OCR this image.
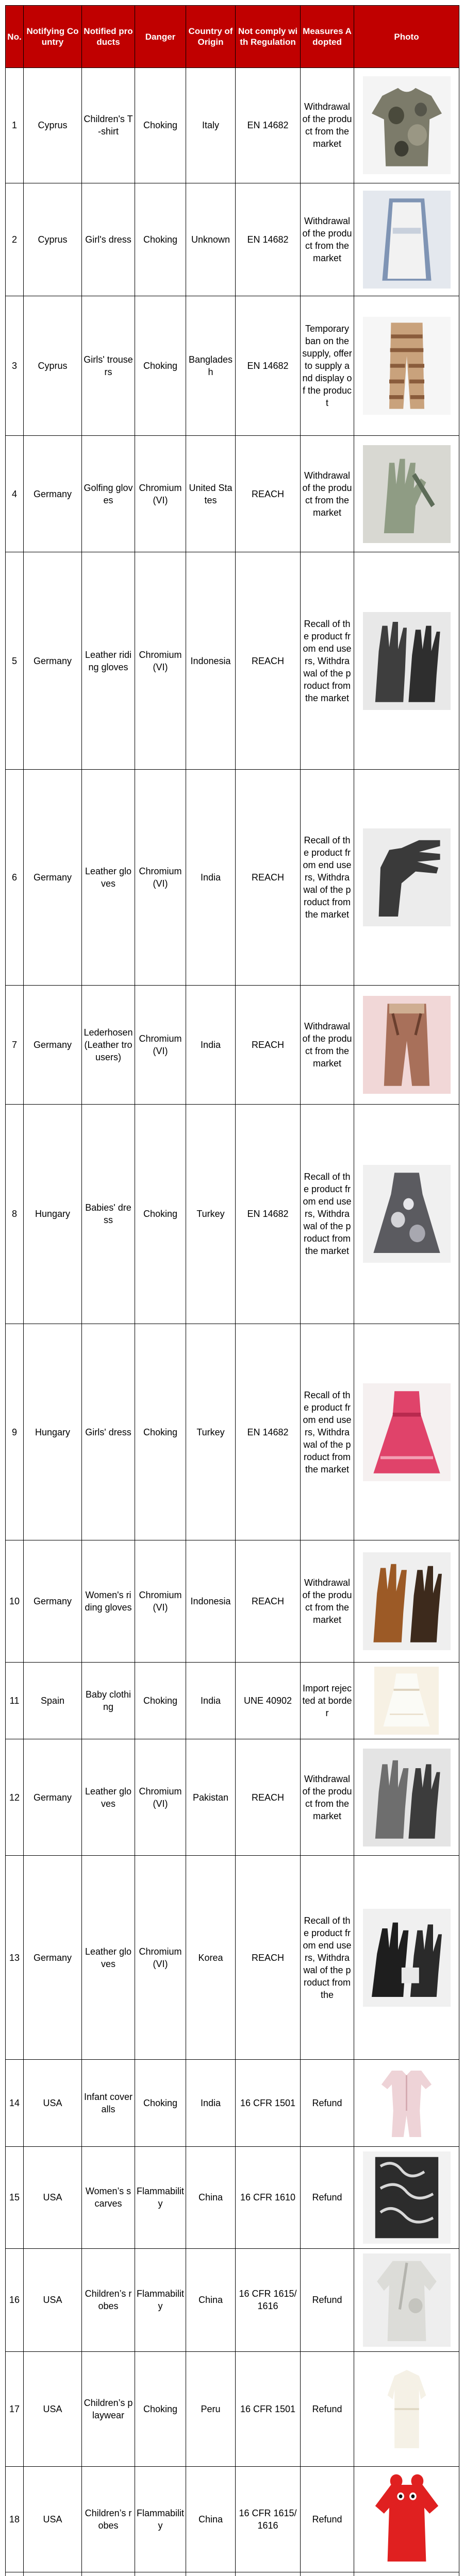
No.	Notifying Country	Notified products	Danger	Country of Origin	Not comply with Regulation	Measures Adopted	Photo
1	Cyprus	Children's T-shirt	Choking	Italy	EN 14682	Withdrawal of the product from the market	

2	Cyprus	Girl's dress	Choking	Unknown	EN 14682	Withdrawal of the product from the market	

3	Cyprus	Girls' trousers	Choking	Bangladesh	EN 14682	Temporary ban on the supply, offer to supply and display of the product	

4	Germany	Golfing gloves	Chromium (VI)	United States	REACH	Withdrawal of the product from the market	

5	Germany	Leather riding gloves	Chromium (VI)	Indonesia	REACH	Recall of the product from end users, Withdrawal of the product from the market	

6	Germany	Leather gloves	Chromium (VI)	India	REACH	Recall of the product from end users, Withdrawal of the product from the market	

7	Germany	Lederhosen (Leather trousers)	Chromium (VI)	India	REACH	Withdrawal of the product from the market	

8	Hungary	Babies' dress	Choking	Turkey	EN 14682	Recall of the product from end users, Withdrawal of the product from the market	

9	Hungary	Girls' dress	Choking	Turkey	EN 14682	Recall of the product from end users, Withdrawal of the product from the market	

10	Germany	Women's riding gloves	Chromium (VI)	Indonesia	REACH	Withdrawal of the product from the market	

11	Spain	Baby clothing	Choking	India	UNE 40902	Import rejected at border	

12	Germany	Leather gloves	Chromium (VI)	Pakistan	REACH	Withdrawal of the product from the market	

13	Germany	Leather gloves	Chromium (VI)	Korea	REACH	Recall of the product from end users, Withdrawal of the product from the	

14	USA	Infant coveralls	Choking	India	16 CFR 1501	Refund	

15	USA	Women’s scarves	Flammability	China	16 CFR 1610	Refund	

16	USA	Children’s robes	Flammability	China	16 CFR 1615/1616	Refund	

17	USA	Children’s playwear	Choking	Peru	16 CFR 1501	Refund	

18	USA	Children’s robes	Flammability	China	16 CFR 1615/1616	Refund	
